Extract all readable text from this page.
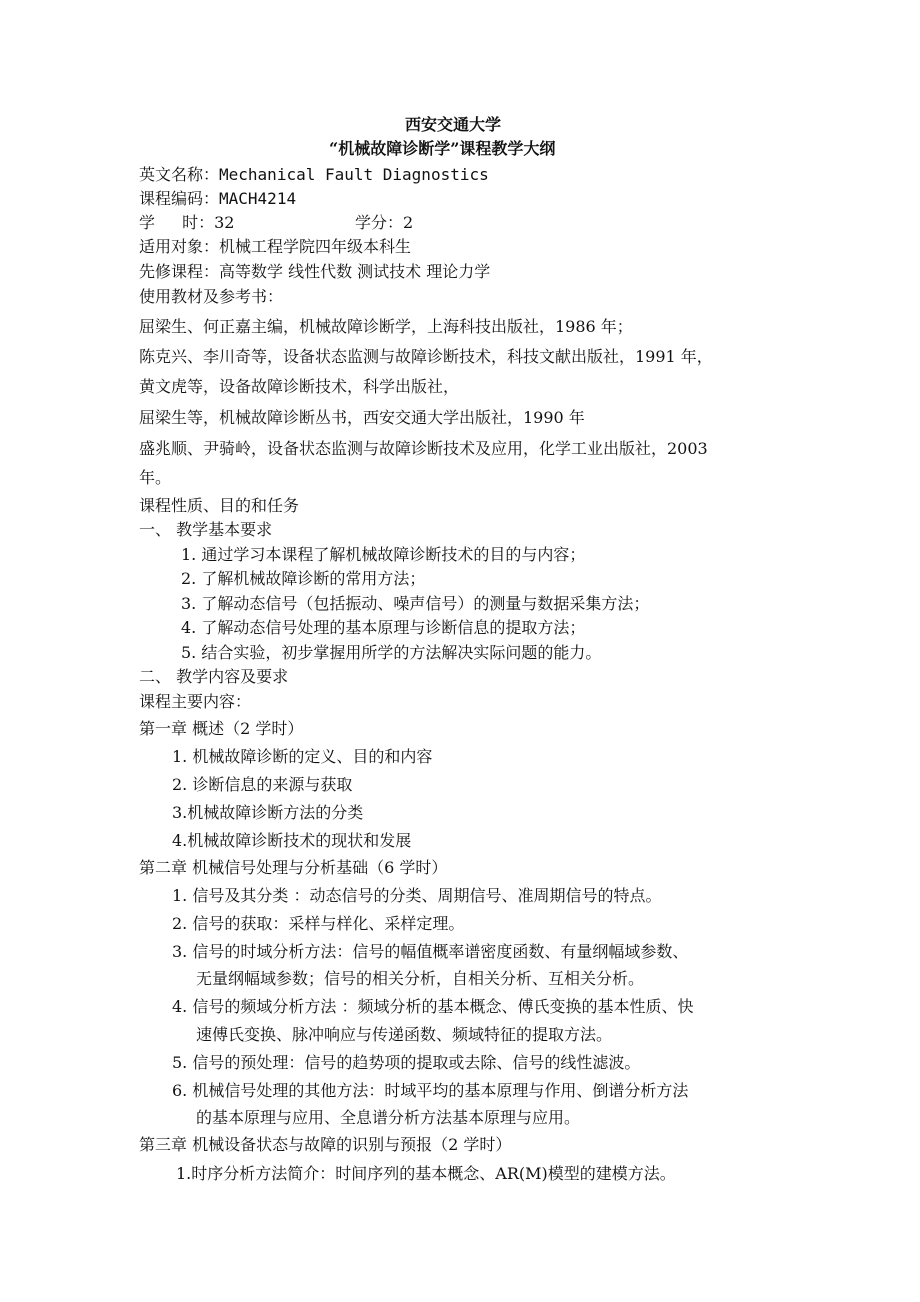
西安交通大学
“机械故障诊断学”课程教学大纲
英文名称：Mechanical Fault Diagnostics
课程编码：MACH4214
学 时：32	学分：2
适用对象：机械工程学院四年级本科生
先修课程：高等数学 线性代数 测试技术 理论力学
使用教材及参考书：
屈梁生、何正嘉主编，机械故障诊断学，上海科技出版社，1986 年；
陈克兴、李川奇等，设备状态监测与故障诊断技术，科技文献出版社，1991 年，
黄文虎等，设备故障诊断技术，科学出版社，
屈梁生等，机械故障诊断丛书，西安交通大学出版社，1990 年
盛兆顺、尹骑岭，设备状态监测与故障诊断技术及应用，化学工业出版社，2003
年。
课程性质、目的和任务
一、 教学基本要求
1. 通过学习本课程了解机械故障诊断技术的目的与内容；
2. 了解机械故障诊断的常用方法；
3. 了解动态信号（包括振动、噪声信号）的测量与数据采集方法；
4. 了解动态信号处理的基本原理与诊断信息的提取方法；
5. 结合实验，初步掌握用所学的方法解决实际问题的能力。
二、 教学内容及要求
课程主要内容：
第一章 概述（2 学时）
1. 机械故障诊断的定义、目的和内容
2. 诊断信息的来源与获取
3.机械故障诊断方法的分类
4.机械故障诊断技术的现状和发展
第二章 机械信号处理与分析基础（6 学时）
1. 信号及其分类 ：动态信号的分类、周期信号、准周期信号的特点。
2. 信号的获取：采样与样化、采样定理。
3. 信号的时域分析方法：信号的幅值概率谱密度函数、有量纲幅域参数、
无量纲幅域参数；信号的相关分析，自相关分析、互相关分析。
4. 信号的频域分析方法 ：频域分析的基本概念、傅氏变换的基本性质、快
速傅氏变换、脉冲响应与传递函数、频域特征的提取方法。
5. 信号的预处理：信号的趋势项的提取或去除、信号的线性滤波。
6. 机械信号处理的其他方法：时域平均的基本原理与作用、倒谱分析方法
的基本原理与应用、全息谱分析方法基本原理与应用。
第三章 机械设备状态与故障的识别与预报（2 学时）
1.时序分析方法简介：时间序列的基本概念、AR(M)模型的建模方法。
